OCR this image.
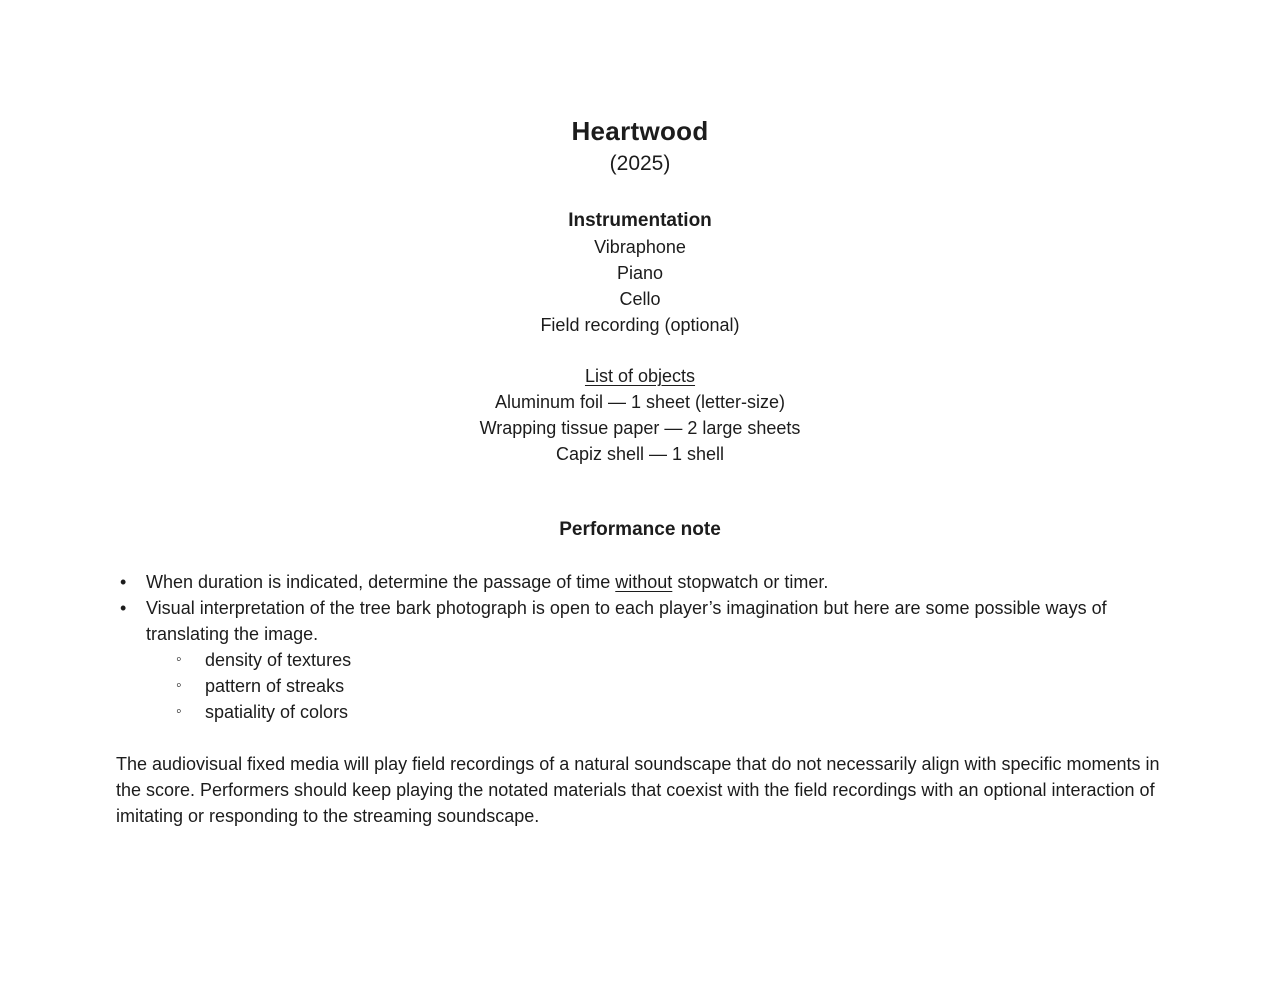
Heartwood
(2025)
Instrumentation
Vibraphone
Piano
Cello
Field recording (optional)
List of objects
Aluminum foil — 1 sheet (letter-size)
Wrapping tissue paper — 2 large sheets
Capiz shell — 1 shell
Performance note
•	When duration is indicated, determine the passage of time without stopwatch or timer.
•	Visual interpretation of the tree bark photograph is open to each player’s imagination but here are some possible ways of translating the image.
◦	density of textures
◦	pattern of streaks
◦	spatiality of colors

The audiovisual fixed media will play field recordings of a natural soundscape that do not necessarily align with specific moments in the score. Performers should keep playing the notated materials that coexist with the field recordings with an optional interaction of imitating or responding to the streaming soundscape.
